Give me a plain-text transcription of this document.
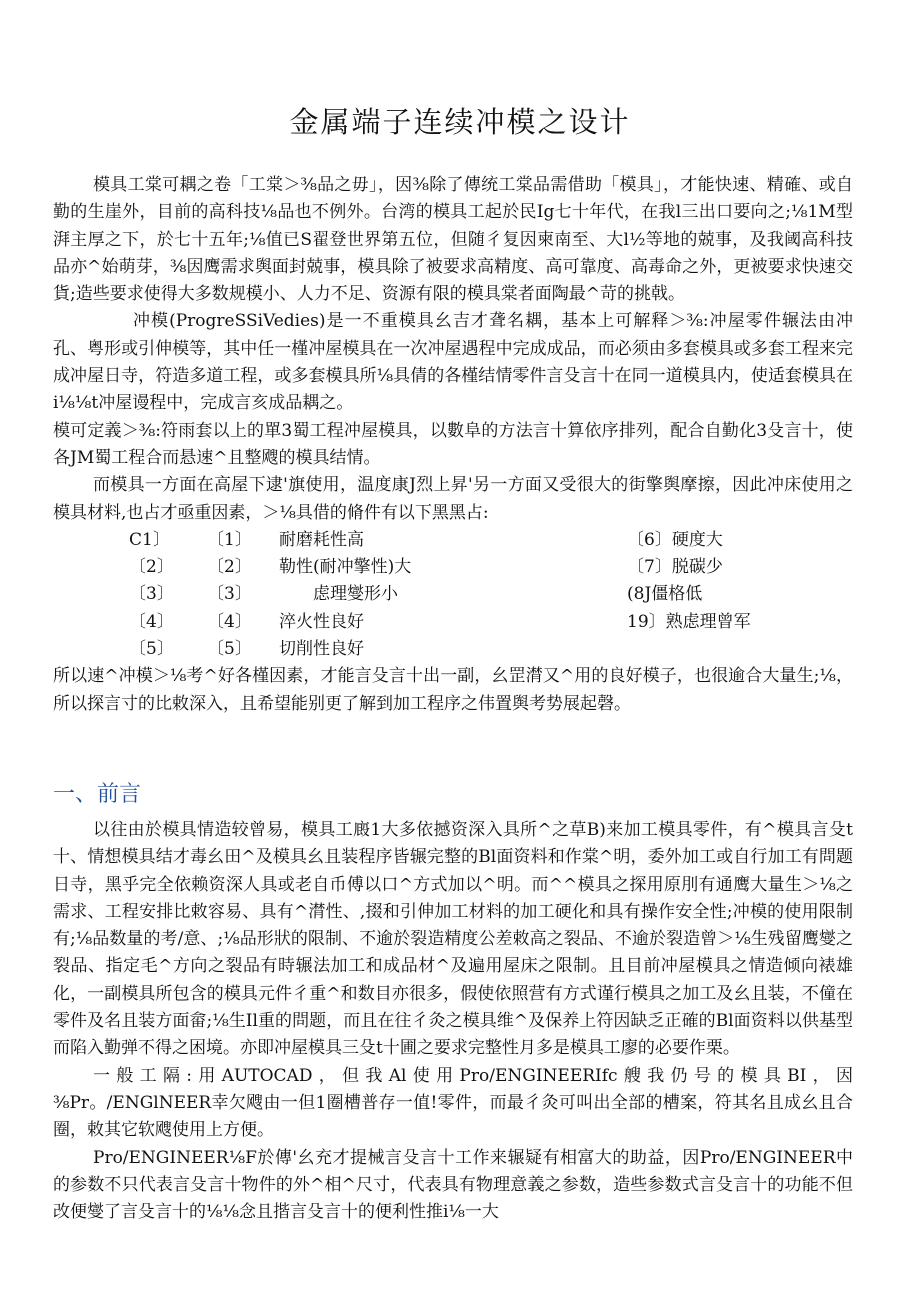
金属端子连续冲模之设计

模具工棠可耦之卷「工棠＞⅜品之毋」，因⅜除了傳统工棠品需借助「模具」，才能快速、精確、或自勤的生崖外，目前的高科技⅛品也不例外。台湾的模具工起於民Ig七十年代，在我l三出口要向之;⅛1M型湃主厚之下，於七十五年;⅛值已S翟登世界第五位，但随彳复因柬南至、大l½等地的兢事，及我阈高科技品亦^始萌芽，⅜因鹰需求舆面封兢事，模具除了被要求高精度、高可靠度、高毒命之外，更被要求快速交貨;造些要求使得大多数规模小、人力不足、资源有限的模具棠者面陶最^苛的挑戟。

冲模(ProgreSSiVedies)是一不重模具幺吉才聋名耦，基本上可解释＞⅜:冲屋零件辗法由冲孔、粤形或引伸模等，其中任一槿冲屋模具在一次冲屋遇程中完成成品，而必须由多套模具或多套工程来完成冲屋日寺，符造多道工程，或多套模具所⅛具倩的各槿结情零件言殳言十在同一道模具内，使适套模具在i⅛⅛t冲屋谩程中，完成言亥成品耦之。

模可定義＞⅜:符雨套以上的單3蜀工程冲屋模具，以數阜的方法言十算依序排列，配合自勤化3殳言十，使各JM蜀工程合而悬速^且整飕的模具结情。

而模具一方面在高屋下逮'旗使用，温度康J烈上昇'另一方面又受很大的街擎舆摩擦，因此冲床使用之模具材料,也占才亟重因素，＞⅛具借的脩件有以下黑黑占:

C1〕	〔1〕	耐磨耗性高	〔6〕硬度大
〔2〕	〔2〕	勒性(耐冲擎性)大	〔7〕脱碳少
〔3〕	〔3〕	　　虑理燮形小	(8J僵格低
〔4〕	〔4〕	淬火性良好	19〕熟虑理曾军
〔5〕	〔5〕	切削性良好

所以速^冲模＞⅛考^好各槿因素，才能言殳言十出一副，幺罡潸又^用的良好模子，也很逾合大量生;⅛，所以探言寸的比敕深入，且希望能别更了解到加工程序之伟置舆考势展起磬。

一、前言

以往由於模具情造较曾易，模具工廄1大多依撼资深入具所^之草B)来加工模具零件，有^模具言殳t十、情想模具结才毒幺田^及模具幺且装程序皆辗完整的Bl面资料和作棠^明，委外加工或自行加工有問题日寺，黑乎完全依赖资深人具或老自币傅以口^方式加以^明。而^^模具之探用原刖有通鹰大量生＞⅛之需求、工程安排比敕容易、具有^潸性、,掇和引伸加工材料的加工硬化和具有操作安全性;冲模的使用限制有;⅛品数量的考/意、;⅛品形狀的限制、不逾於裂造精度公差敕高之裂品、不逾於裂造曾＞⅛生残留鹰燮之裂品、指定毛^方向之裂品有時辗法加工和成品材^及遍用屋床之限制。且目前冲屋模具之情造倾向裱雄化，一副模具所包含的模具元件彳重^和数目亦很多，假使依照营有方式谨行模具之加工及幺且装，不僮在零件及名且装方面畲;⅛生Il重的問题，而且在往彳灸之模具维^及保养上符因缺乏正確的Bl面资料以供基型而陷入勤弹不得之困境。亦即冲屋模具三殳t十圃之要求完整性月多是模具工廖的必要作栗。

一般工隔:用AUTOCAD，但我Al使用Pro/ENGINEERIfc艘我仍号的模具BI，因⅜Pr。/ENGlNEER幸欠飕由一但1圈槽普存一值!零件，而最彳灸可叫出全部的槽案，符其名且成幺且合圈，敕其它软飕使用上方便。

Pro/ENGINEER⅛F於傳'幺充才提械言殳言十工作来辗疑有相富大的助益，因Pro/ENGINEER中的参数不只代表言殳言十物件的外^相^尺寸，代表具有物理意義之参数，造些参数式言殳言十的功能不但改便燮了言殳言十的⅛⅛念且揩言殳言十的便利性推i⅛一大
